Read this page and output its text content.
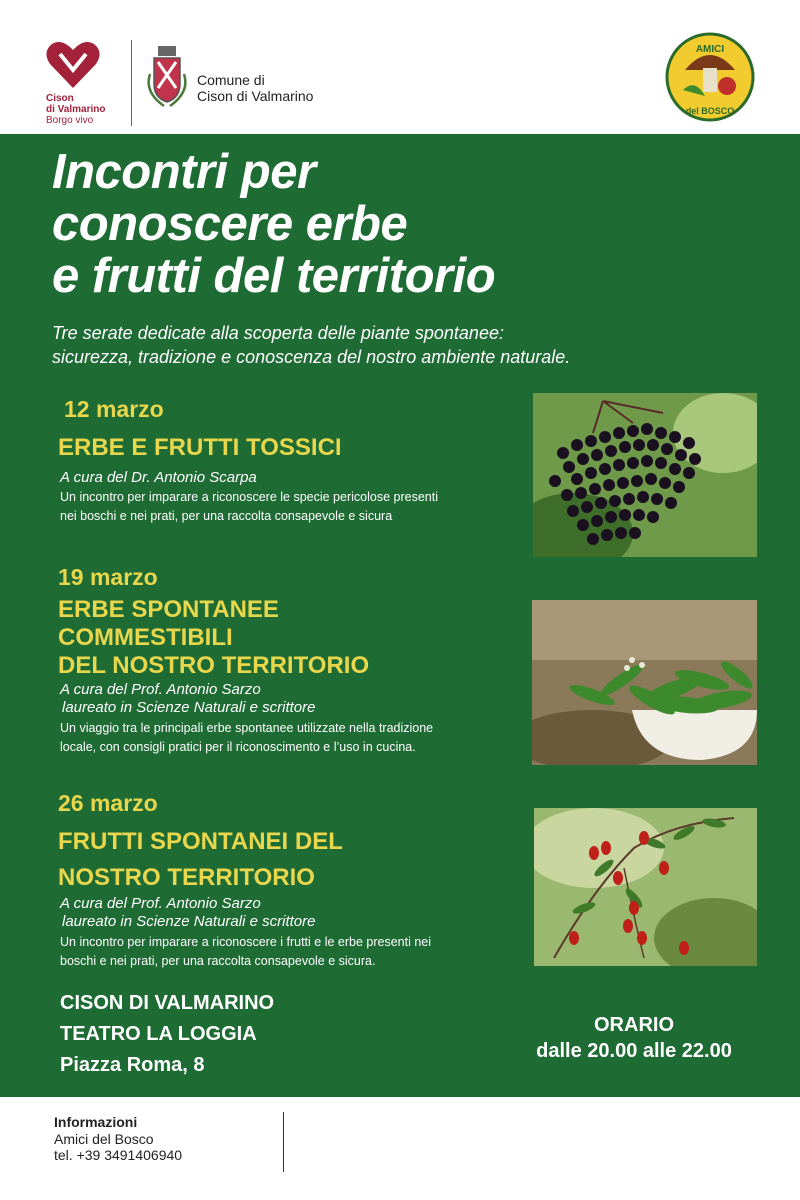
Cison
di Valmarino
Borgo vivo
Comune di
Cison di Valmarino
AMICI
del BOSCO
Incontri per
conoscere erbe
e frutti del territorio
Tre serate dedicate alla scoperta delle piante spontanee:
sicurezza, tradizione e conoscenza del nostro ambiente naturale.
12 marzo
ERBE E FRUTTI TOSSICI
A cura del Dr. Antonio Scarpa
Un incontro per imparare a riconoscere le specie pericolose presenti
nei boschi e nei prati, per una raccolta consapevole e sicura
19 marzo
ERBE SPONTANEE
COMMESTIBILI
DEL NOSTRO TERRITORIO
A cura del Prof. Antonio Sarzo
laureato in Scienze Naturali e scrittore
Un viaggio tra le principali erbe spontanee utilizzate nella tradizione
locale, con consigli pratici per il riconoscimento e l’uso in cucina.
26 marzo
FRUTTI SPONTANEI DEL
NOSTRO TERRITORIO
A cura del Prof. Antonio Sarzo
laureato in Scienze Naturali e scrittore
Un incontro per imparare a riconoscere i frutti e le erbe presenti nei
boschi e nei prati, per una raccolta consapevole e sicura.
CISON DI VALMARINO
TEATRO LA LOGGIA
Piazza Roma, 8
ORARIO
dalle 20.00 alle 22.00
Informazioni
Amici del Bosco
tel. +39 3491406940
